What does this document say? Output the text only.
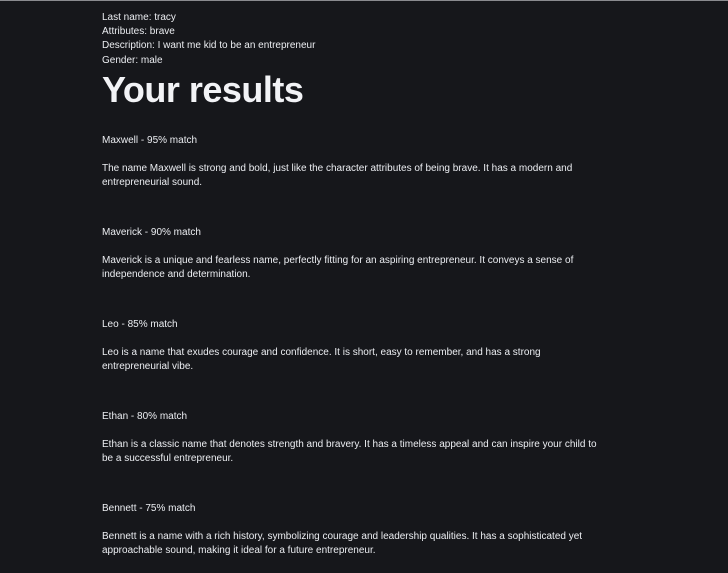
Last name: tracy

Attributes: brave

Description: I want me kid to be an entrepreneur

Gender: male

Your results

Maxwell - 95% match

The name Maxwell is strong and bold, just like the character attributes of being brave. It has a modern and entrepreneurial sound.

Maverick - 90% match

Maverick is a unique and fearless name, perfectly fitting for an aspiring entrepreneur. It conveys a sense of independence and determination.

Leo - 85% match

Leo is a name that exudes courage and confidence. It is short, easy to remember, and has a strong entrepreneurial vibe.

Ethan - 80% match

Ethan is a classic name that denotes strength and bravery. It has a timeless appeal and can inspire your child to be a successful entrepreneur.

Bennett - 75% match

Bennett is a name with a rich history, symbolizing courage and leadership qualities. It has a sophisticated yet approachable sound, making it ideal for a future entrepreneur.
